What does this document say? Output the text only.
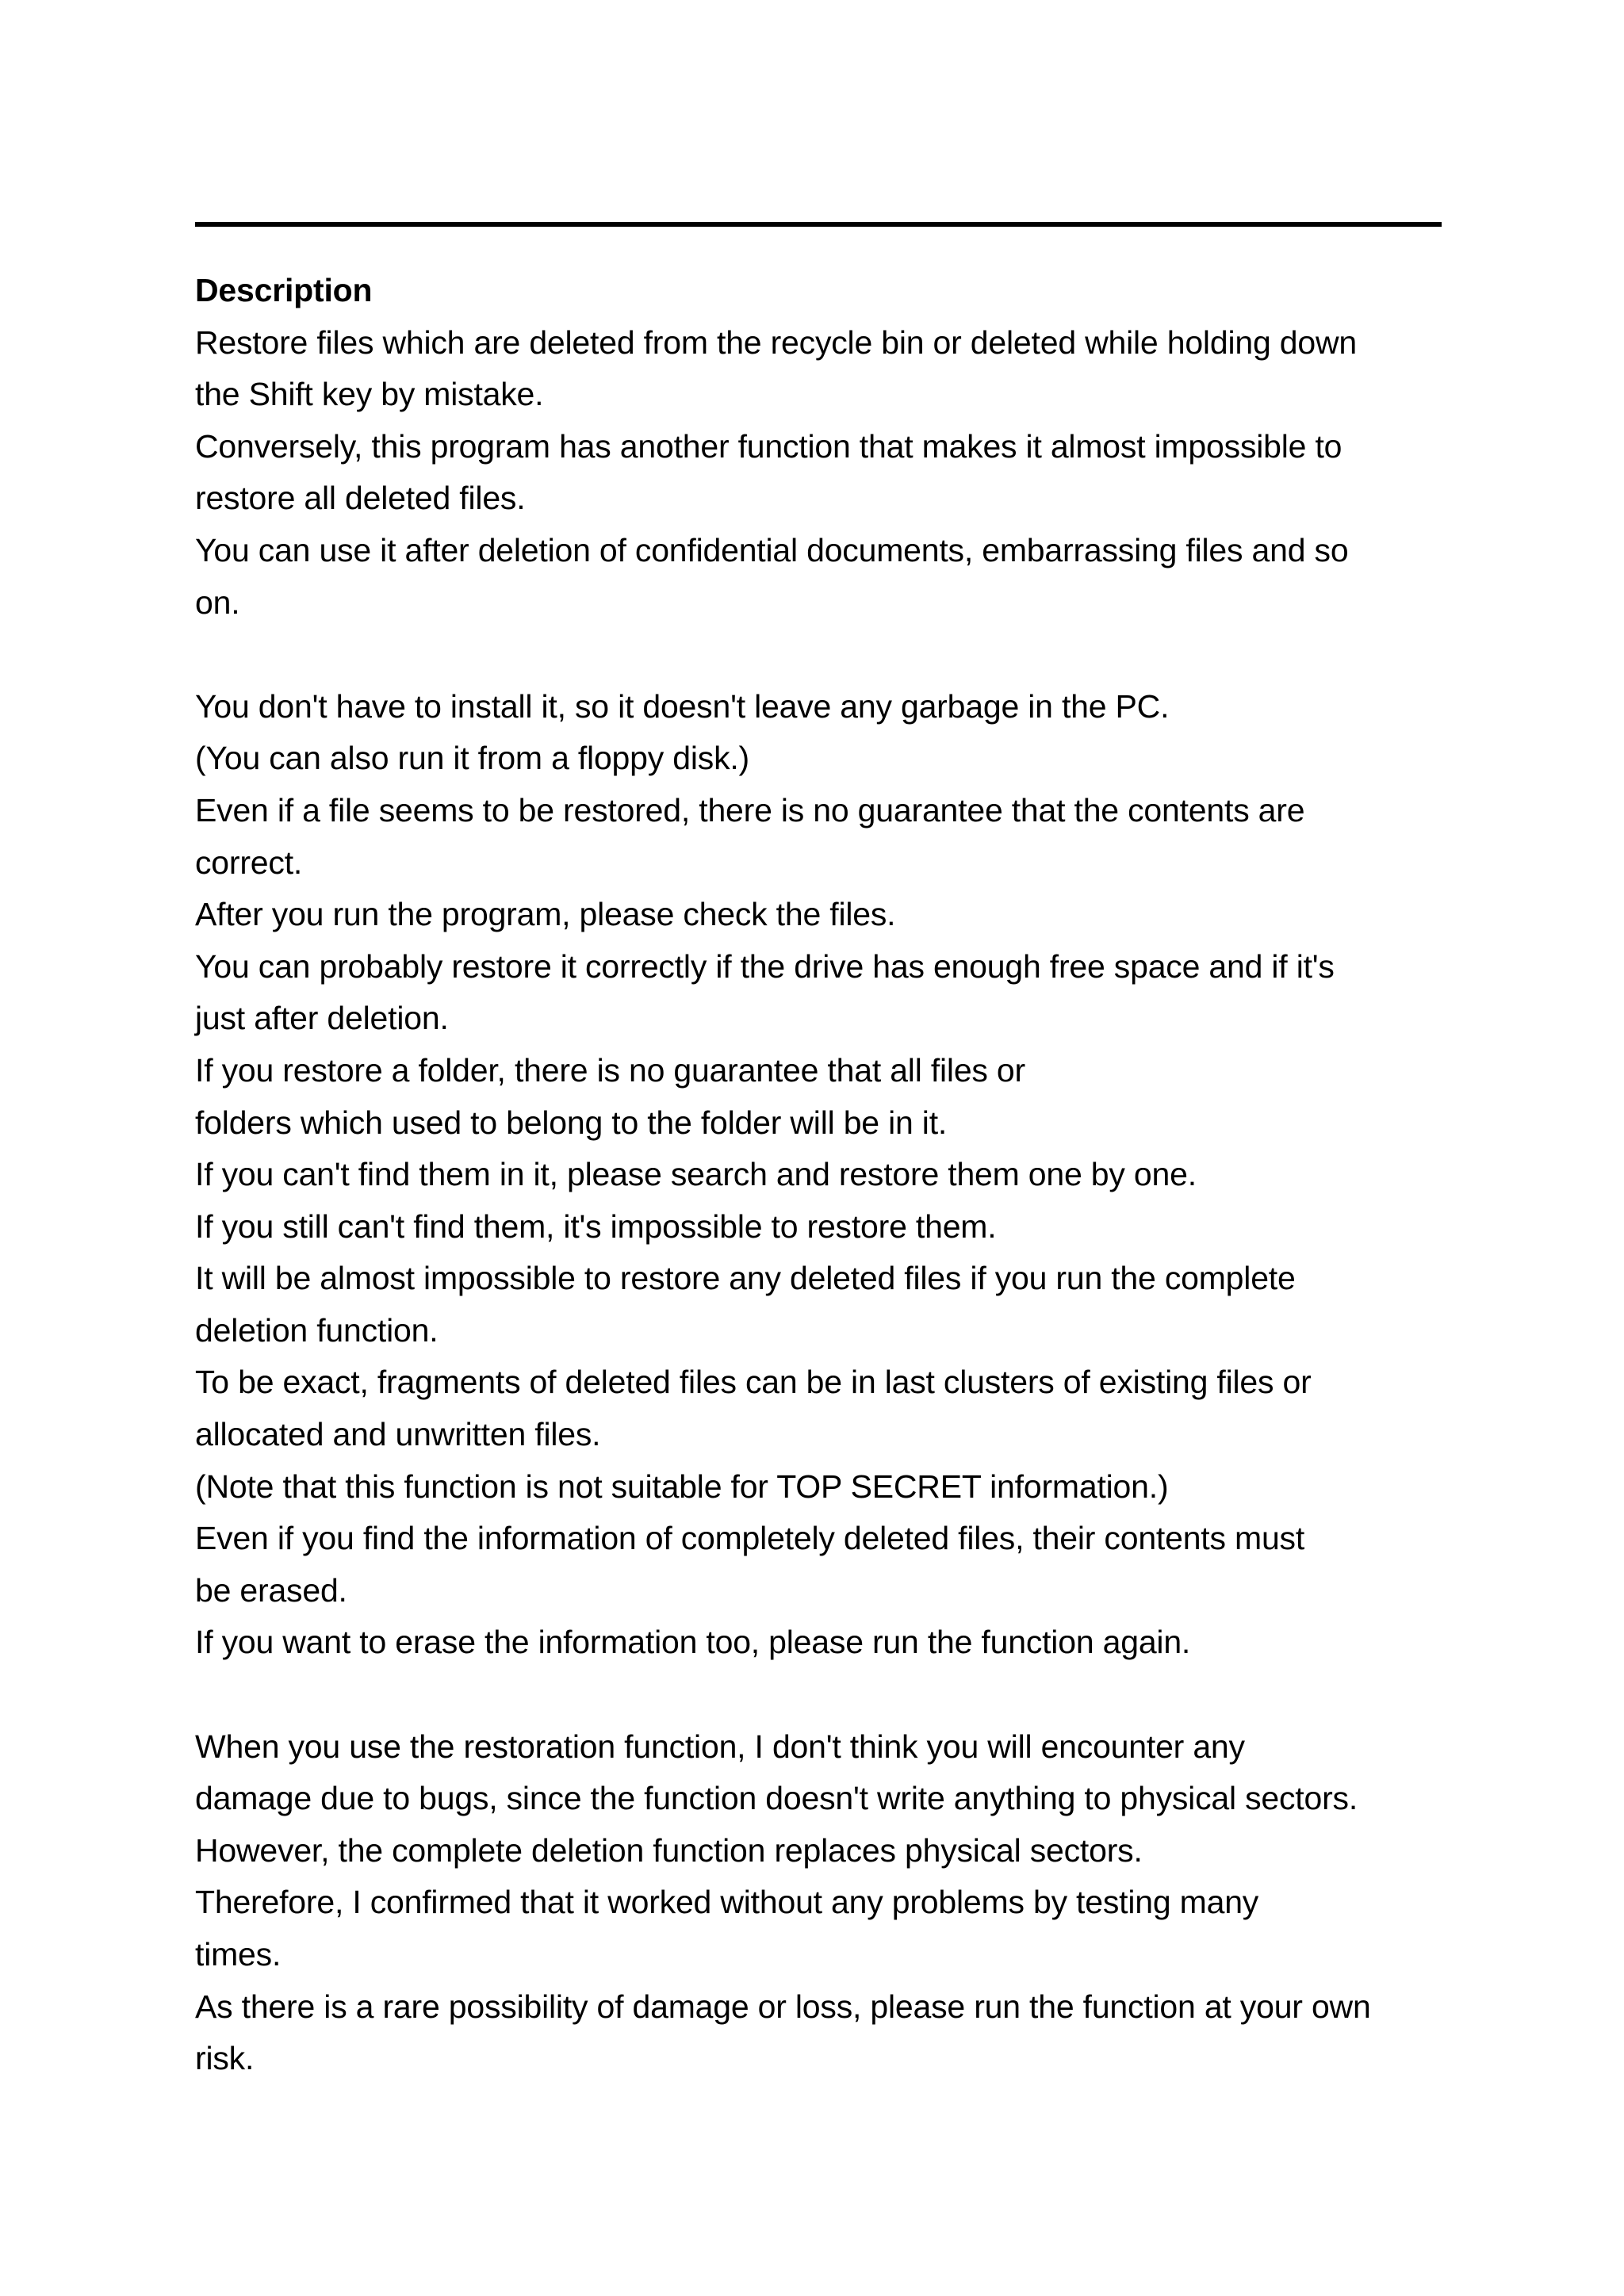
Description
Restore files which are deleted from the recycle bin or deleted while holding down
the Shift key by mistake.
Conversely, this program has another function that makes it almost impossible to
restore all deleted files.
You can use it after deletion of confidential documents, embarrassing files and so
on.
You don't have to install it, so it doesn't leave any garbage in the PC.
(You can also run it from a floppy disk.)
Even if a file seems to be restored, there is no guarantee that the contents are
correct.
After you run the program, please check the files.
You can probably restore it correctly if the drive has enough free space and if it's
just after deletion.
If you restore a folder, there is no guarantee that all files or
folders which used to belong to the folder will be in it.
If you can't find them in it, please search and restore them one by one.
If you still can't find them, it's impossible to restore them.
It will be almost impossible to restore any deleted files if you run the complete
deletion function.
To be exact, fragments of deleted files can be in last clusters of existing files or
allocated and unwritten files.
(Note that this function is not suitable for TOP SECRET information.)
Even if you find the information of completely deleted files, their contents must
be erased.
If you want to erase the information too, please run the function again.
When you use the restoration function, I don't think you will encounter any
damage due to bugs, since the function doesn't write anything to physical sectors.
However, the complete deletion function replaces physical sectors.
Therefore, I confirmed that it worked without any problems by testing many
times.
As there is a rare possibility of damage or loss, please run the function at your own
risk.
